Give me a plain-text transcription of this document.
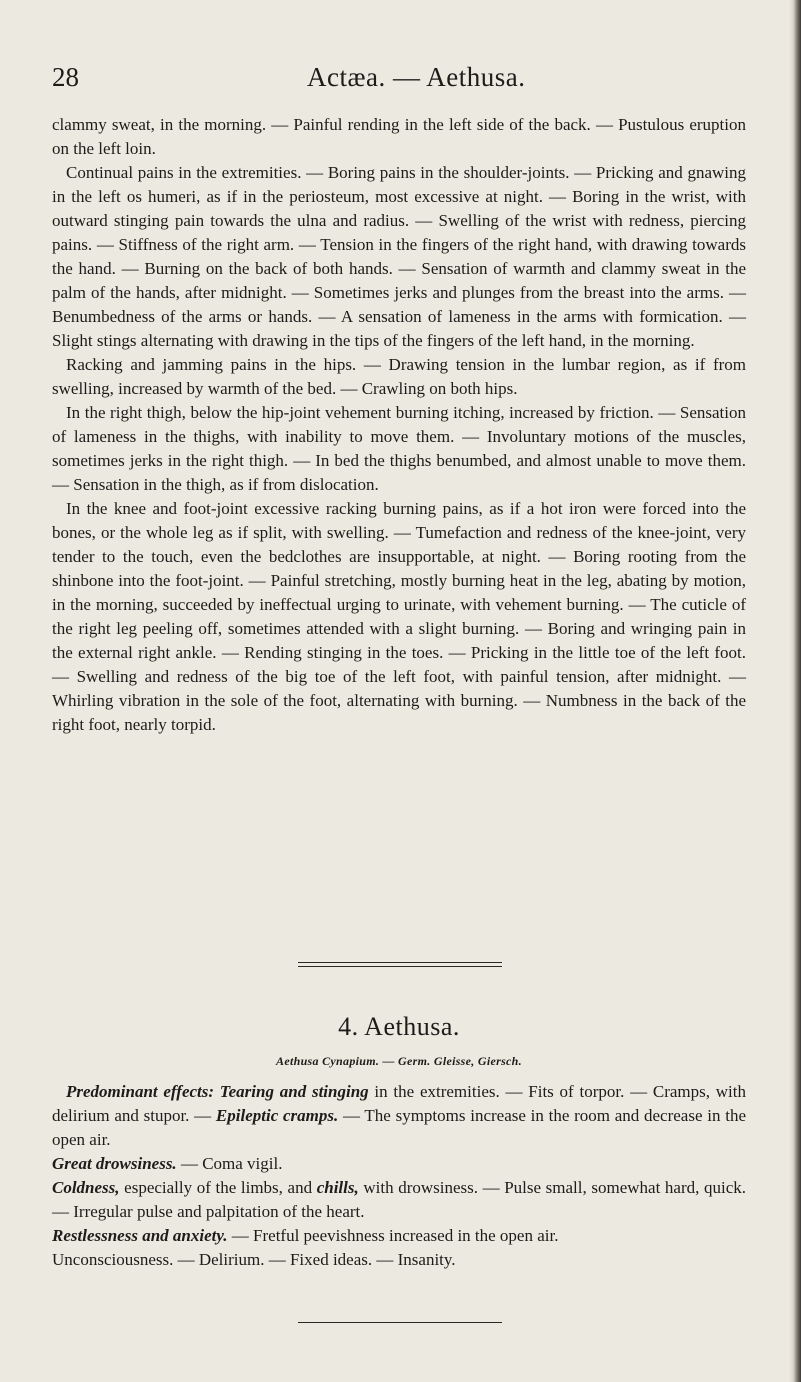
28	Actæa. — Aethusa.

clammy sweat, in the morning. — Painful rending in the left side of the back. — Pustulous eruption on the left loin.

Continual pains in the extremities. — Boring pains in the shoulder-joints. — Pricking and gnawing in the left os humeri, as if in the periosteum, most excessive at night. — Boring in the wrist, with outward stinging pain towards the ulna and radius. — Swelling of the wrist with redness, piercing pains. — Stiffness of the right arm. — Tension in the fingers of the right hand, with drawing towards the hand. — Burning on the back of both hands. — Sensation of warmth and clammy sweat in the palm of the hands, after midnight. — Sometimes jerks and plunges from the breast into the arms. — Benumbedness of the arms or hands. — A sensation of lameness in the arms with formication. — Slight stings alternating with drawing in the tips of the fingers of the left hand, in the morning.

Racking and jamming pains in the hips. — Drawing tension in the lumbar region, as if from swelling, increased by warmth of the bed. — Crawling on both hips.

In the right thigh, below the hip-joint vehement burning itching, increased by friction. — Sensation of lameness in the thighs, with inability to move them. — Involuntary motions of the muscles, sometimes jerks in the right thigh. — In bed the thighs benumbed, and almost unable to move them. — Sensation in the thigh, as if from dislocation.

In the knee and foot-joint excessive racking burning pains, as if a hot iron were forced into the bones, or the whole leg as if split, with swelling. — Tumefaction and redness of the knee-joint, very tender to the touch, even the bedclothes are insupportable, at night. — Boring rooting from the shinbone into the foot-joint. — Painful stretching, mostly burning heat in the leg, abating by motion, in the morning, succeeded by ineffectual urging to urinate, with vehement burning. — The cuticle of the right leg peeling off, sometimes attended with a slight burning. — Boring and wringing pain in the external right ankle. — Rending stinging in the toes. — Pricking in the little toe of the left foot. — Swelling and redness of the big toe of the left foot, with painful tension, after midnight. — Whirling vibration in the sole of the foot, alternating with burning. — Numbness in the back of the right foot, nearly torpid.

4. Aethusa.
Aethusa Cynapium. — Germ. Gleisse, Giersch.

Predominant effects: Tearing and stinging in the extremities. — Fits of torpor. — Cramps, with delirium and stupor. — Epileptic cramps. — The symptoms increase in the room and decrease in the open air.

Great drowsiness. — Coma vigil.

Coldness, especially of the limbs, and chills, with drowsiness. — Pulse small, somewhat hard, quick. — Irregular pulse and palpitation of the heart.

Restlessness and anxiety. — Fretful peevishness increased in the open air.

Unconsciousness. — Delirium. — Fixed ideas. — Insanity.
